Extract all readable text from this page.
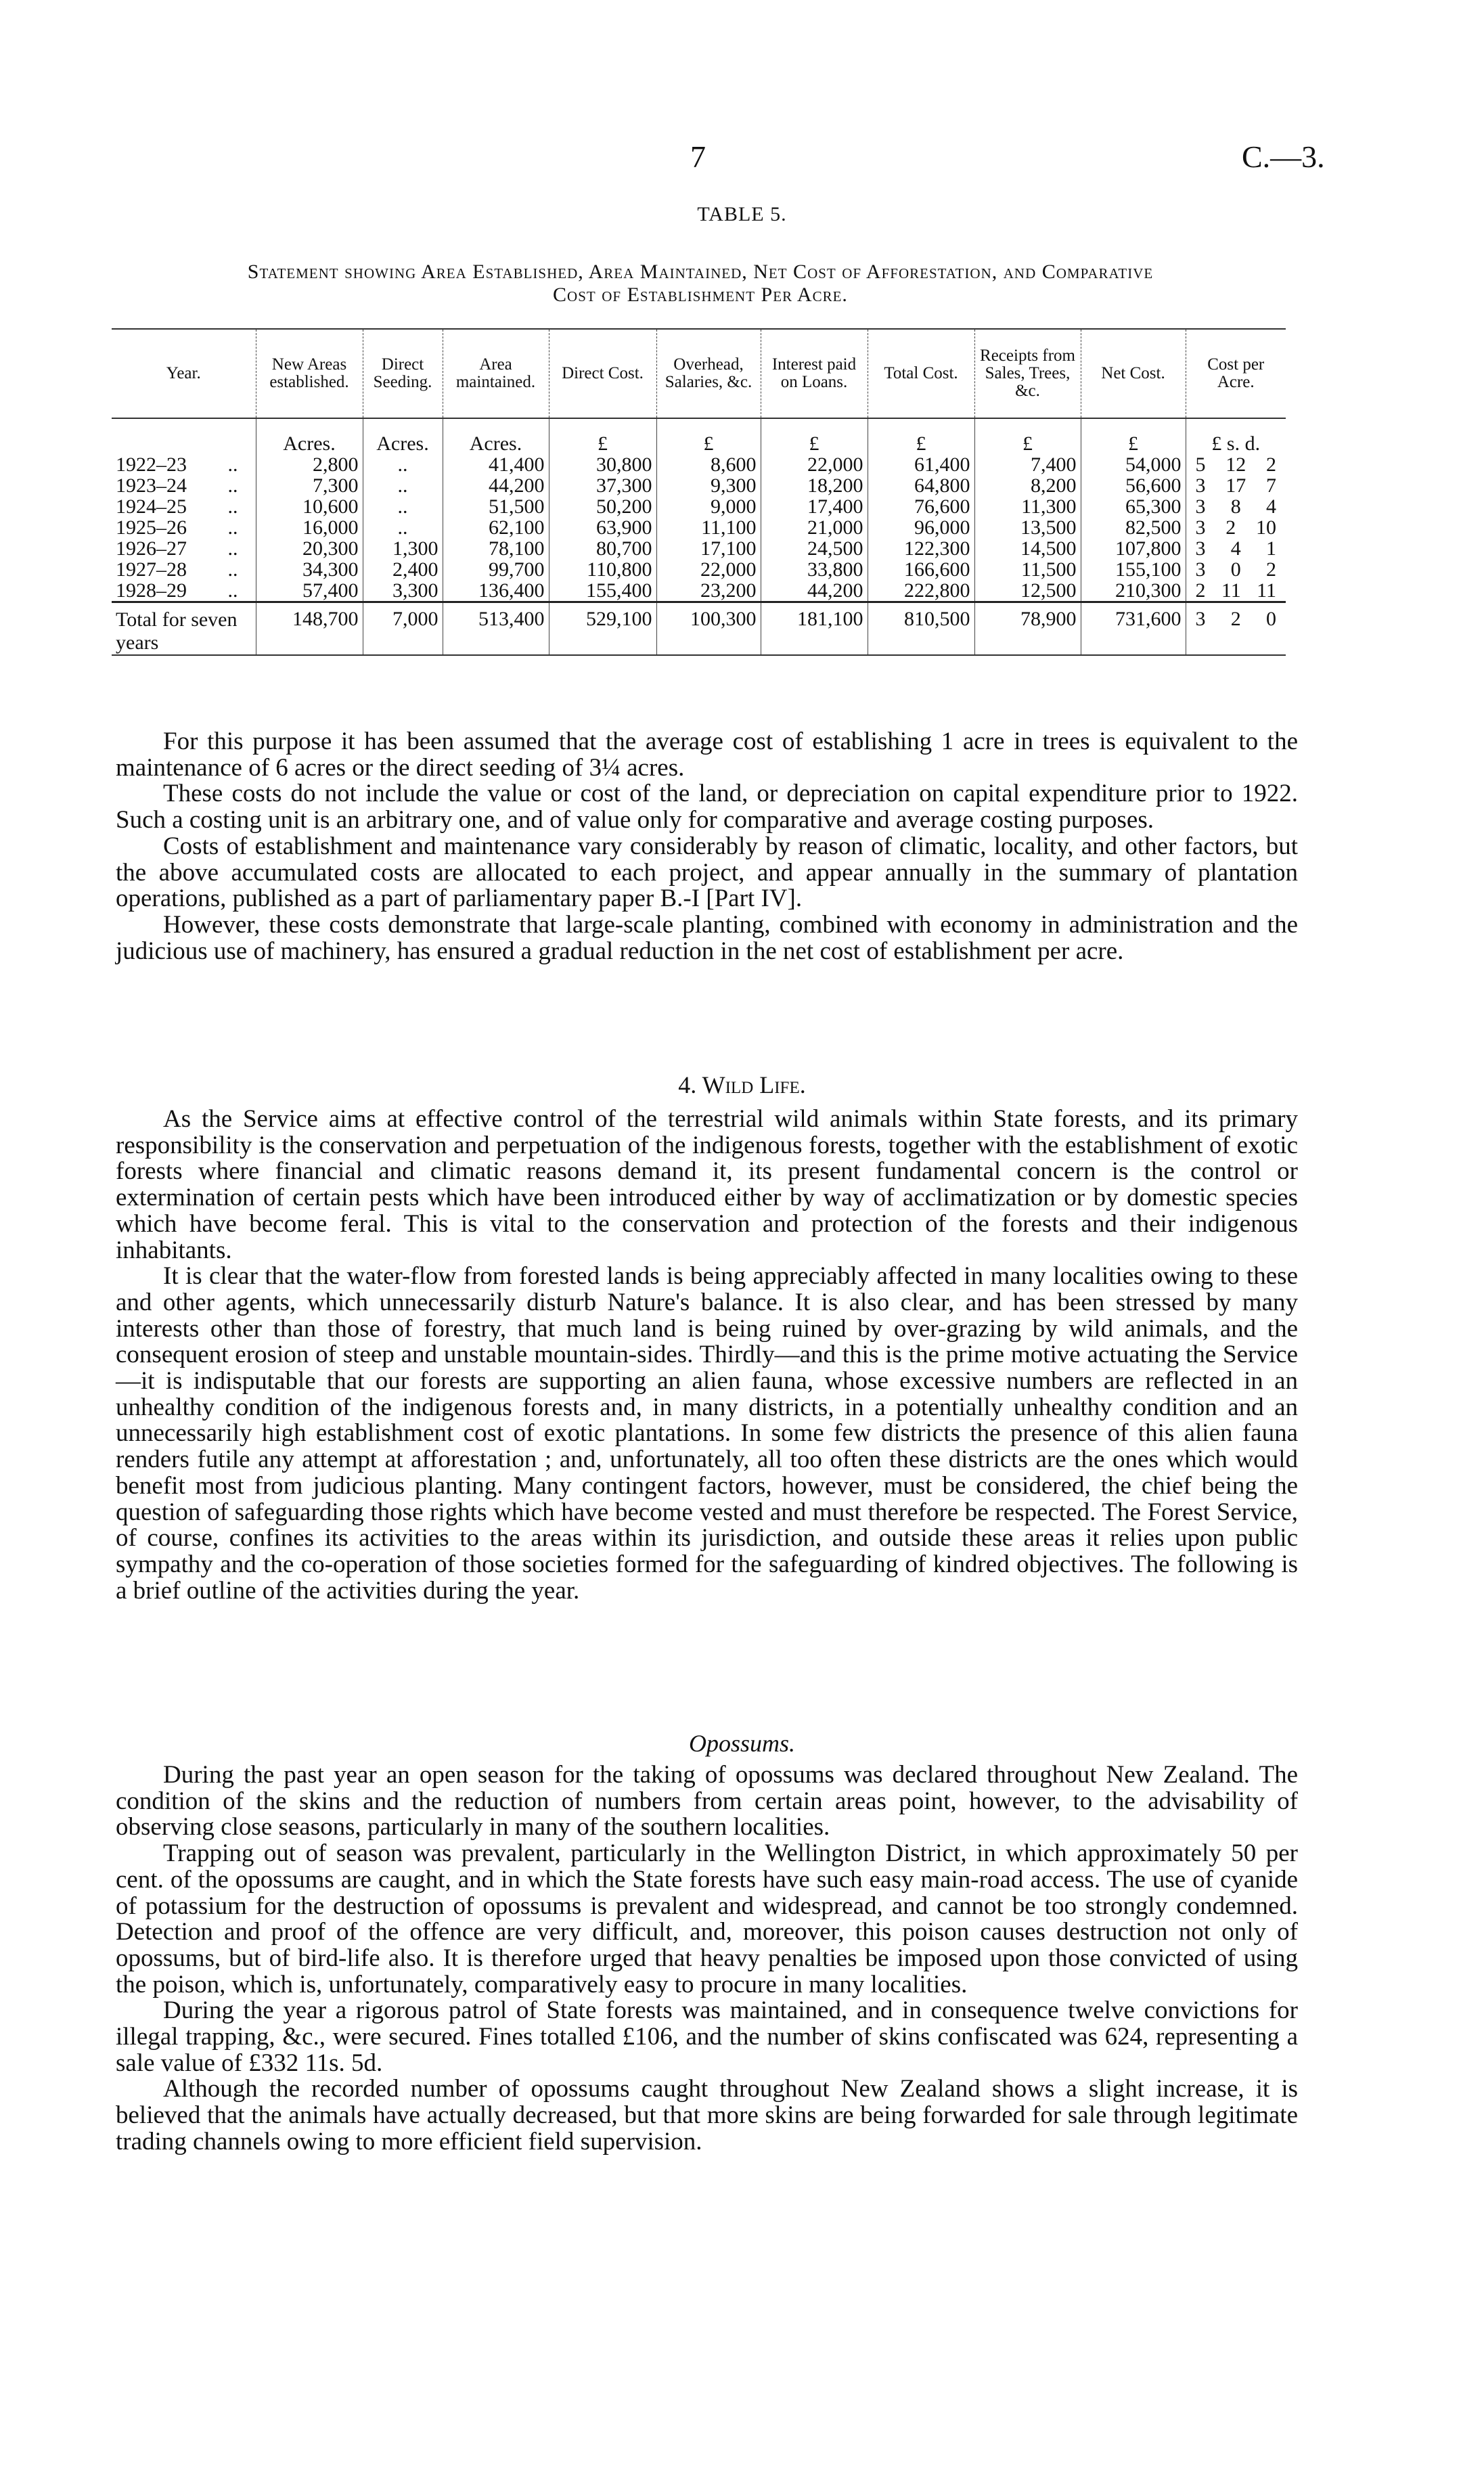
7	C.—3.
TABLE 5.
Statement showing Area Established, Area Maintained, Net Cost of Afforestation, and Comparative
Cost of Establishment Per Acre.
Year.	New Areas established.	Direct Seeding.	Area maintained.	Direct Cost.	Overhead, Salaries, &c.	Interest paid on Loans.	Total Cost.	Receipts from Sales, Trees, &c.	Net Cost.	Cost per Acre.
	Acres.	Acres.	Acres.	£	£	£	£	£	£	£ s. d.
1922–23 ..	2,800	..	41,400	30,800	8,600	22,000	61,400	7,400	54,000	5 12 2

1923–24 ..	7,300	..	44,200	37,300	9,300	18,200	64,800	8,200	56,600	3 17 7

1924–25 ..	10,600	..	51,500	50,200	9,000	17,400	76,600	11,300	65,300	3 8 4

1925–26 ..	16,000	..	62,100	63,900	11,100	21,000	96,000	13,500	82,500	3 2 10

1926–27 ..	20,300	1,300	78,100	80,700	17,100	24,500	122,300	14,500	107,800	3 4 1

1927–28 ..	34,300	2,400	99,700	110,800	22,000	33,800	166,600	11,500	155,100	3 0 2

1928–29 ..	57,400	3,300	136,400	155,400	23,200	44,200	222,800	12,500	210,300	2 11 11

Total for seven years	148,700	7,000	513,400	529,100	100,300	181,100	810,500	78,900	731,600	3 2 0

For this purpose it has been assumed that the average cost of establishing 1 acre in trees is equivalent to the maintenance of 6 acres or the direct seeding of 3¼ acres.

These costs do not include the value or cost of the land, or depreciation on capital expenditure prior to 1922. Such a costing unit is an arbitrary one, and of value only for comparative and average costing purposes.

Costs of establishment and maintenance vary considerably by reason of climatic, locality, and other factors, but the above accumulated costs are allocated to each project, and appear annually in the summary of plantation operations, published as a part of parliamentary paper B.-I [Part IV].

However, these costs demonstrate that large-scale planting, combined with economy in administration and the judicious use of machinery, has ensured a gradual reduction in the net cost of establishment per acre.

4. Wild Life.

As the Service aims at effective control of the terrestrial wild animals within State forests, and its primary responsibility is the conservation and perpetuation of the indigenous forests, together with the establishment of exotic forests where financial and climatic reasons demand it, its present fundamental concern is the control or extermination of certain pests which have been introduced either by way of acclimatization or by domestic species which have become feral. This is vital to the conservation and protection of the forests and their indigenous inhabitants.

It is clear that the water-flow from forested lands is being appreciably affected in many localities owing to these and other agents, which unnecessarily disturb Nature's balance. It is also clear, and has been stressed by many interests other than those of forestry, that much land is being ruined by over-grazing by wild animals, and the consequent erosion of steep and unstable mountain-sides. Thirdly—and this is the prime motive actuating the Service—it is indisputable that our forests are supporting an alien fauna, whose excessive numbers are reflected in an unhealthy condition of the indigenous forests and, in many districts, in a potentially unhealthy condition and an unnecessarily high establishment cost of exotic plantations. In some few districts the presence of this alien fauna renders futile any attempt at afforestation ; and, unfortunately, all too often these districts are the ones which would benefit most from judicious planting. Many contingent factors, however, must be considered, the chief being the question of safeguarding those rights which have become vested and must therefore be respected. The Forest Service, of course, confines its activities to the areas within its jurisdiction, and outside these areas it relies upon public sympathy and the co-operation of those societies formed for the safeguarding of kindred objectives. The following is a brief outline of the activities during the year.

Opossums.

During the past year an open season for the taking of opossums was declared throughout New Zealand. The condition of the skins and the reduction of numbers from certain areas point, however, to the advisability of observing close seasons, particularly in many of the southern localities.

Trapping out of season was prevalent, particularly in the Wellington District, in which approximately 50 per cent. of the opossums are caught, and in which the State forests have such easy main-road access. The use of cyanide of potassium for the destruction of opossums is prevalent and widespread, and cannot be too strongly condemned. Detection and proof of the offence are very difficult, and, moreover, this poison causes destruction not only of opossums, but of bird-life also. It is therefore urged that heavy penalties be imposed upon those convicted of using the poison, which is, unfortunately, comparatively easy to procure in many localities.

During the year a rigorous patrol of State forests was maintained, and in consequence twelve convictions for illegal trapping, &c., were secured. Fines totalled £106, and the number of skins confiscated was 624, representing a sale value of £332 11s. 5d.

Although the recorded number of opossums caught throughout New Zealand shows a slight increase, it is believed that the animals have actually decreased, but that more skins are being forwarded for sale through legitimate trading channels owing to more efficient field supervision.
